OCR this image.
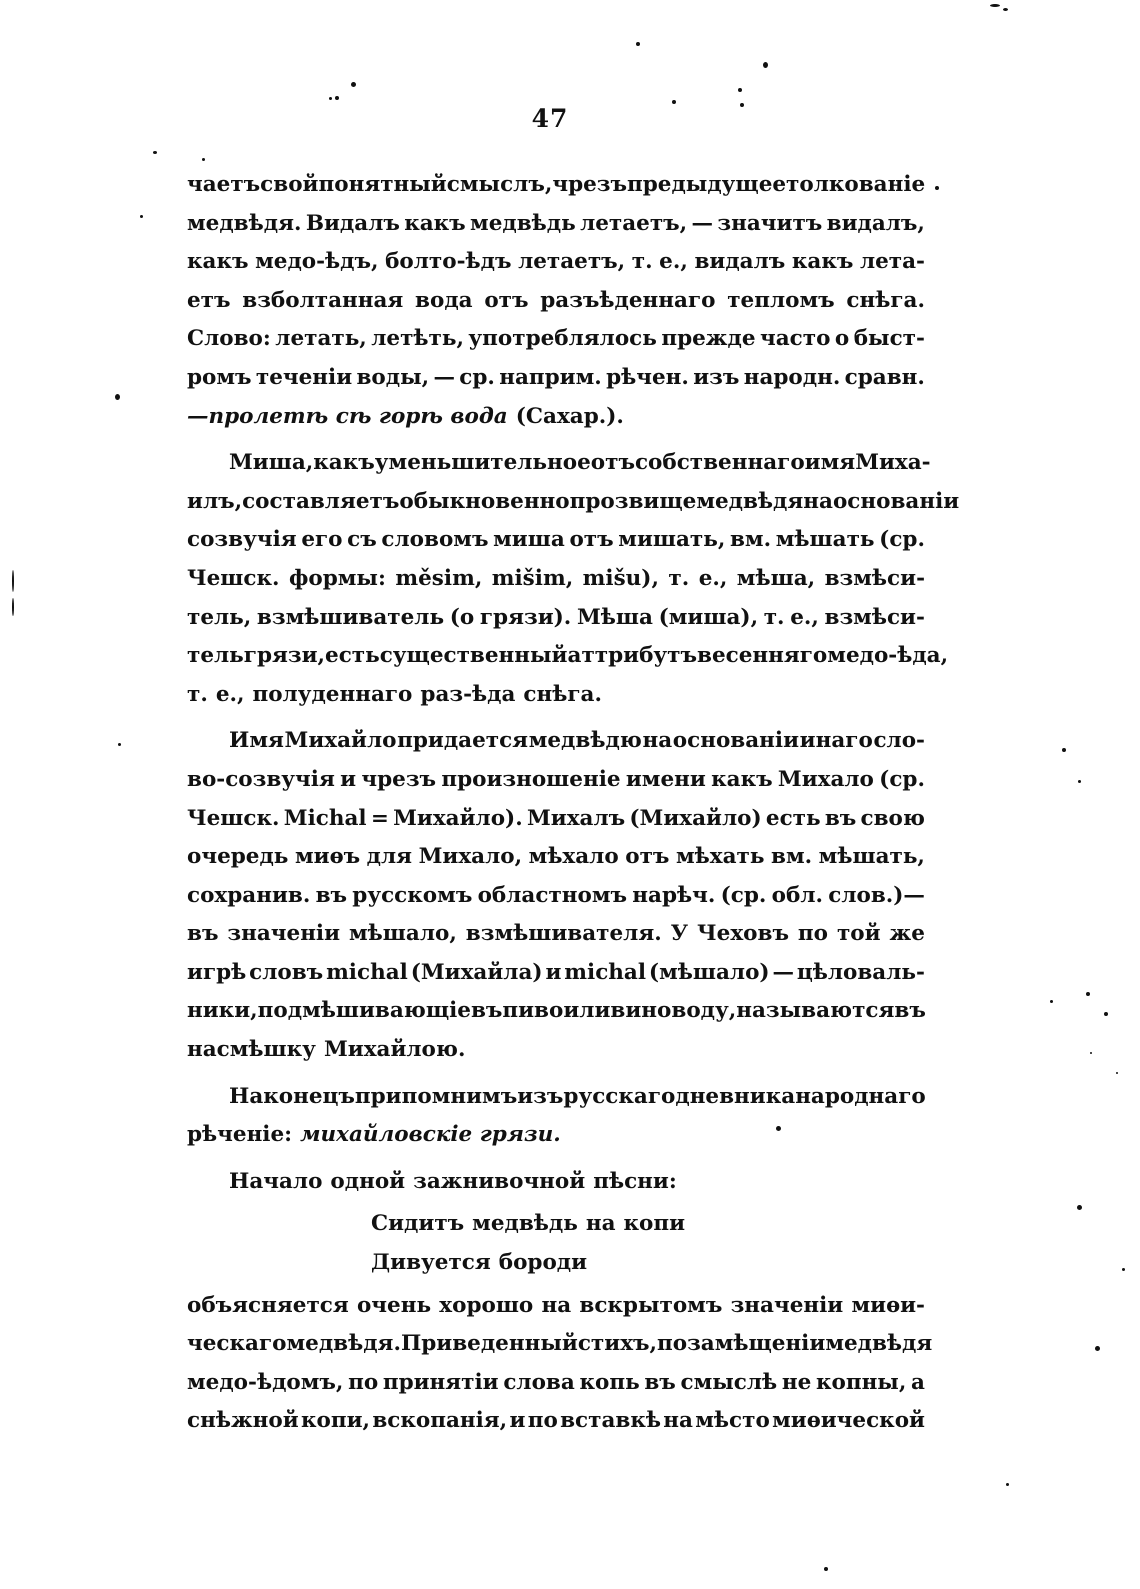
47
чаетъ свой понятный смыслъ, чрезъ предыдущее толкованіе
медвѣдя. Видалъ какъ медвѣдь летаетъ, — значитъ видалъ,
какъ медо-ѣдъ, болто-ѣдъ летаетъ, т. е., видалъ какъ лета-
етъ взболтанная вода отъ разъѣденнаго тепломъ снѣга.
Слово: летать, летѣть, употреблялось прежде часто о быст-
ромъ теченіи воды, — ср. наприм. рѣчен. изъ народн. сравн.
—пролетѣ сѣ горѣ вода (Сахар.).
Миша, какъ уменьшительное отъ собственнаго имя Миха-
илъ, составляетъ обыкновенно прозвище медвѣдя на основаніи
созвучія его съ словомъ миша отъ мишать, вм. мѣшать (ср.
Чешск. формы: měsim, mišim, mišu), т. е., мѣша, взмѣси-
тель, взмѣшиватель (о грязи). Мѣша (миша), т. е., взмѣси-
тель грязи, есть существенный аттрибутъ весенняго медо-ѣда,
т. е., полуденнаго раз-ѣда снѣга.
Имя Михайло придается медвѣдю на основаніи инаго сло-
во-созвучія и чрезъ произношеніе имени какъ Михало (ср.
Чешск. Michal = Михайло). Михалъ (Михайло) есть въ свою
очередь миѳъ для Михало, мѣхало отъ мѣхать вм. мѣшать,
сохранив. въ русскомъ областномъ нарѣч. (ср. обл. слов.)—
въ значеніи мѣшало, взмѣшивателя. У Чеховъ по той же
игрѣ словъ michal (Михайла) и michal (мѣшало) — цѣловаль-
ники, подмѣшивающіе въ пиво или вино воду, называются въ
насмѣшку Михайлою.
Наконецъ припомнимъ изъ русскаго дневника народнаго
рѣченіе: михайловскіе грязи.
Начало одной зажнивочной пѣсни:
Сидитъ медвѣдь на копи
Дивуется бороди
объясняется очень хорошо на вскрытомъ значеніи миѳи-
ческаго медвѣдя. Приведенный стихъ, по замѣщеніи медвѣдя
медо-ѣдомъ, по принятіи слова копь въ смыслѣ не копны, а
снѣжной копи, вскопанія, и по вставкѣ на мѣсто миѳической
